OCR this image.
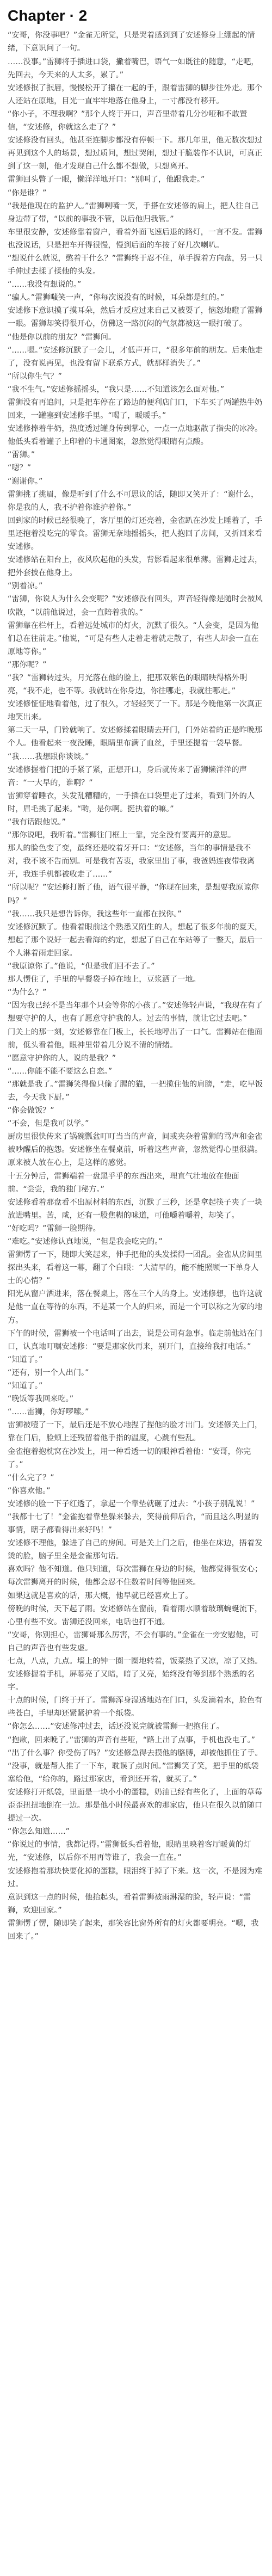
Chapter · 2

“安哥，你没事吧？”金雀无所觉，只是哭着感到到了安述修身上绷起的情绪，下意识问了一句。

……没事。”雷狮将手插进口袋，撇着嘴巴，语气一如既往的随意，“走吧，先回去，今天来的人太多，累了。”

安述修抿了抿唇，慢慢松开了攥在一起的手，跟着雷狮的脚步往外走。那个人还站在原地，目光一直牢牢地落在他身上，一寸都没有移开。

“你小子，不理我啊？”那个人终于开口，声音里带着几分沙哑和不敢置信，“安述修，你就这么走了？”

安述修没有回头，他甚至连脚步都没有停顿一下。那几年里，他无数次想过再见到这个人的场景，想过质问，想过哭闹，想过干脆装作不认识，可真正到了这一刻，他才发现自己什么都不想做，只想离开。

雷狮回头瞥了一眼，懒洋洋地开口：“别叫了，他跟我走。”

“你是谁？”

“我是他现在的监护人。”雷狮咧嘴一笑，手搭在安述修的肩上，把人往自己身边带了带，“以前的事我不管，以后他归我管。”

车里很安静，安述修靠着窗户，看着外面飞速后退的路灯，一言不发。雷狮也没说话，只是把车开得很慢，慢到后面的车按了好几次喇叭。

“想说什么就说，憋着干什么？”雷狮终于忍不住，单手握着方向盘，另一只手伸过去揉了揉他的头发。

“……我没有想说的。”

“骗人。”雷狮嗤笑一声，“你每次说没有的时候，耳朵都是红的。”

安述修下意识摸了摸耳朵，然后才反应过来自己又被耍了，恼怒地瞪了雷狮一眼。雷狮却笑得很开心，仿佛这一路沉闷的气氛都被这一眼打破了。

“他是你以前的朋友？”雷狮问。

“……嗯。”安述修沉默了一会儿，才低声开口，“很多年前的朋友。后来他走了，没有说再见，也没有留下联系方式，就那样消失了。”

“所以你生气？”

“我不生气。”安述修摇摇头，“我只是……不知道该怎么面对他。”

雷狮没有再追问，只是把车停在了路边的便利店门口，下车买了两罐热牛奶回来，一罐塞到安述修手里。“喝了，暖暖手。”

安述修捧着牛奶，热度透过罐身传到掌心，一点一点地驱散了指尖的冰冷。他低头看着罐子上印着的卡通图案，忽然觉得眼睛有点酸。

“雷狮。”

“嗯？”

“谢谢你。”

雷狮挑了挑眉，像是听到了什么不可思议的话，随即又笑开了：“谢什么，你是我的人，我不护着你谁护着你。”

回到家的时候已经很晚了，客厅里的灯还亮着，金雀趴在沙发上睡着了，手里还抱着没吃完的零食。雷狮无奈地摇摇头，把人抱回了房间，又折回来看安述修。

安述修站在阳台上，夜风吹起他的头发，背影看起来很单薄。雷狮走过去，把外套披在他身上。

“别着凉。”

“雷狮，你说人为什么会变呢？”安述修没有回头，声音轻得像是随时会被风吹散，“以前他说过，会一直陪着我的。”

雷狮靠在栏杆上，看着远处城市的灯火，沉默了很久。“人会变，是因为他们总在往前走。”他说，“可是有些人走着走着就走散了，有些人却会一直在原地等你。”

“那你呢？”

“我？”雷狮转过头，月光落在他的脸上，把那双紫色的眼睛映得格外明亮，“我不走，也不等。我就站在你身边，你往哪走，我就往哪走。”

安述修怔怔地看着他，过了很久，才轻轻笑了一下。那是今晚他第一次真正地笑出来。

第二天一早，门铃就响了。安述修揉着眼睛去开门，门外站着的正是昨晚那个人。他看起来一夜没睡，眼睛里布满了血丝，手里还提着一袋早餐。

“我……我想跟你谈谈。”

安述修握着门把的手紧了紧，正想开口，身后就传来了雷狮懒洋洋的声音：“一大早的，谁啊？”

雷狮穿着睡衣，头发乱糟糟的，一手插在口袋里走了过来，看到门外的人时，眉毛挑了起来。“哟，是你啊。挺执着的嘛。”

“我有话跟他说。”

“那你说吧，我听着。”雷狮往门框上一靠，完全没有要离开的意思。

那人的脸色变了变，最终还是咬着牙开口：“安述修，当年的事情是我不对，我不该不告而别。可是我有苦衷，我家里出了事，我爸妈连夜带我离开，我连手机都被收走了……”

“所以呢？”安述修打断了他，语气很平静，“你现在回来，是想要我原谅你吗？”

“我……我只是想告诉你，我这些年一直都在找你。”

安述修沉默了。他看着眼前这个熟悉又陌生的人，想起了很多年前的夏天，想起了那个说好一起去看海的约定，想起了自己在车站等了一整天，最后一个人淋着雨走回家。

“我原谅你了。”他说，“但是我们回不去了。”

那人愣住了，手里的早餐袋子掉在地上，豆浆洒了一地。

“为什么？”

“因为我已经不是当年那个只会等你的小孩了。”安述修轻声说，“我现在有了想要守护的人，也有了愿意守护我的人。过去的事情，就让它过去吧。”

门关上的那一刻，安述修靠在门板上，长长地呼出了一口气。雷狮站在他面前，低头看着他，眼神里带着几分说不清的情绪。

“愿意守护你的人，说的是我？”

“……你能不能不要这么自恋。”

“那就是我了。”雷狮笑得像只偷了腥的猫，一把揽住他的肩膀，“走，吃早饭去，今天我下厨。”

“你会做饭？”

“不会，但是我可以学。”

厨房里很快传来了锅碗瓢盆叮叮当当的声音，间或夹杂着雷狮的骂声和金雀被吵醒后的抱怨。安述修坐在餐桌前，听着这些声音，忽然觉得心里很满。

原来被人放在心上，是这样的感觉。

十五分钟后，雷狮端着一盘黑乎乎的东西出来，理直气壮地放在他面前。“尝尝，我的独门秘方。”

安述修看着那盘看不出原材料的东西，沉默了三秒，还是拿起筷子夹了一块放进嘴里。苦，咸，还有一股焦糊的味道，可他嚼着嚼着，却笑了。

“好吃吗？”雷狮一脸期待。

“难吃。”安述修认真地说，“但是我会吃完的。”

雷狮愣了一下，随即大笑起来，伸手把他的头发揉得一团乱。金雀从房间里探出头来，看着这一幕，翻了个白眼：“大清早的，能不能照顾一下单身人士的心情？”

阳光从窗户洒进来，落在餐桌上，落在三个人的身上。安述修想，也许这就是他一直在等待的东西，不是某一个人的归来，而是一个可以称之为家的地方。

下午的时候，雷狮被一个电话叫了出去，说是公司有急事。临走前他站在门口，认真地叮嘱安述修：“要是那家伙再来，别开门，直接给我打电话。”

“知道了。”

“还有，别一个人出门。”

“知道了。”

“晚饭等我回来吃。”

“……雷狮，你好啰嗦。”

雷狮被噎了一下，最后还是不放心地捏了捏他的脸才出门。安述修关上门，靠在门后，脸颊上还残留着他手指的温度，心跳有些乱。

金雀抱着抱枕窝在沙发上，用一种看透一切的眼神看着他：“安哥，你完了。”

“什么完了？”

“你喜欢他。”

安述修的脸一下子红透了，拿起一个靠垫就砸了过去：“小孩子别乱说！”

“我都十七了！”金雀抱着靠垫躲来躲去，笑得前仰后合，“而且这么明显的事情，瞎子都看得出来好吗！”

安述修不理他，躲进了自己的房间。可是关上门之后，他坐在床边，捂着发烫的脸，脑子里全是金雀那句话。

喜欢吗？他不知道。他只知道，每次雷狮在身边的时候，他都觉得很安心；每次雷狮离开的时候，他都会忍不住数着时间等他回来。

如果这就是喜欢的话，那大概，他早就已经喜欢上了。

傍晚的时候，天下起了雨。安述修站在窗前，看着雨水顺着玻璃蜿蜒流下，心里有些不安。雷狮还没回来，电话也打不通。

“安哥，你别担心，雷狮哥那么厉害，不会有事的。”金雀在一旁安慰他，可自己的声音也有些发虚。

七点，八点，九点。墙上的钟一圈一圈地转着，饭菜热了又凉，凉了又热。安述修握着手机，屏幕亮了又暗，暗了又亮，始终没有等到那个熟悉的名字。

十点的时候，门终于开了。雷狮浑身湿透地站在门口，头发滴着水，脸色有些苍白，手里却还紧紧护着一个纸袋。

“你怎么……”安述修冲过去，话还没说完就被雷狮一把抱住了。

“抱歉，回来晚了。”雷狮的声音有些哑，“路上出了点事，手机也没电了。”

“出了什么事？你受伤了吗？”安述修急得去摸他的胳膊，却被他抓住了手。

“没事，就是帮人推了一下车，耽误了点时间。”雷狮笑了笑，把手里的纸袋塞给他，“给你的，路过那家店，看到还开着，就买了。”

安述修打开纸袋，里面是一块小小的蛋糕，奶油已经有些化了，上面的草莓歪歪扭扭地倒在一边。那是他小时候最喜欢的那家店，他只在很久以前随口提过一次。

“你怎么知道……”

“你说过的事情，我都记得。”雷狮低头看着他，眼睛里映着客厅暖黄的灯光，“安述修，以后你不用再等谁了，我会一直在。”

安述修抱着那块快要化掉的蛋糕，眼泪终于掉了下来。这一次，不是因为难过。

意识到这一点的时候，他抬起头，看着雷狮被雨淋湿的脸，轻声说：“雷狮，欢迎回家。”

雷狮愣了愣，随即笑了起来，那笑容比窗外所有的灯火都要明亮。“嗯，我回来了。”
